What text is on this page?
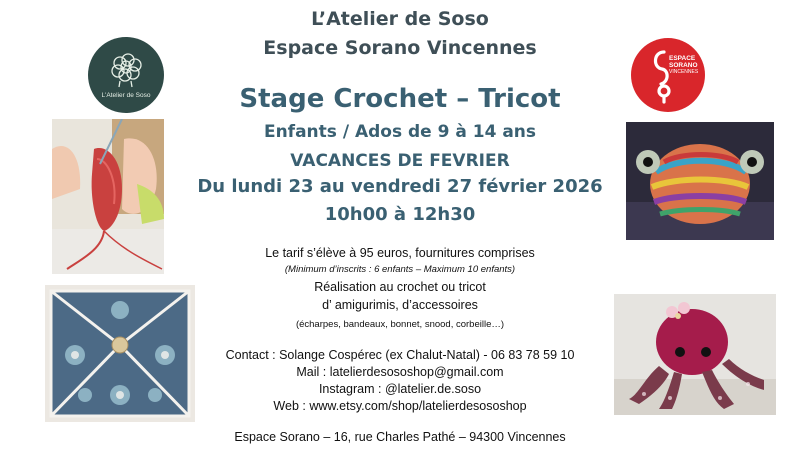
L’Atelier de Soso
Espace Sorano Vincennes
Stage Crochet – Tricot
Enfants / Ados de 9 à 14 ans
VACANCES DE FEVRIER
Du lundi 23 au vendredi 27 février 2026
10h00 à 12h30
Le tarif s’élève à 95 euros, fournitures comprises
(Minimum d’inscrits : 6 enfants – Maximum 10 enfants)
Réalisation au crochet ou tricot
d’ amigurimis, d’accessoires
(écharpes, bandeaux, bonnet, snood, corbeille…)
Contact : Solange Cospérec (ex Chalut-Natal) - 06 83 78 59 10
Mail : latelierdesososhop@gmail.com
Instagram : @latelier.de.soso
Web : www.etsy.com/shop/latelierdesososhop
Espace Sorano – 16, rue Charles Pathé – 94300 Vincennes
L'Atelier de Soso
ESPACE
SORANO
VINCENNES
